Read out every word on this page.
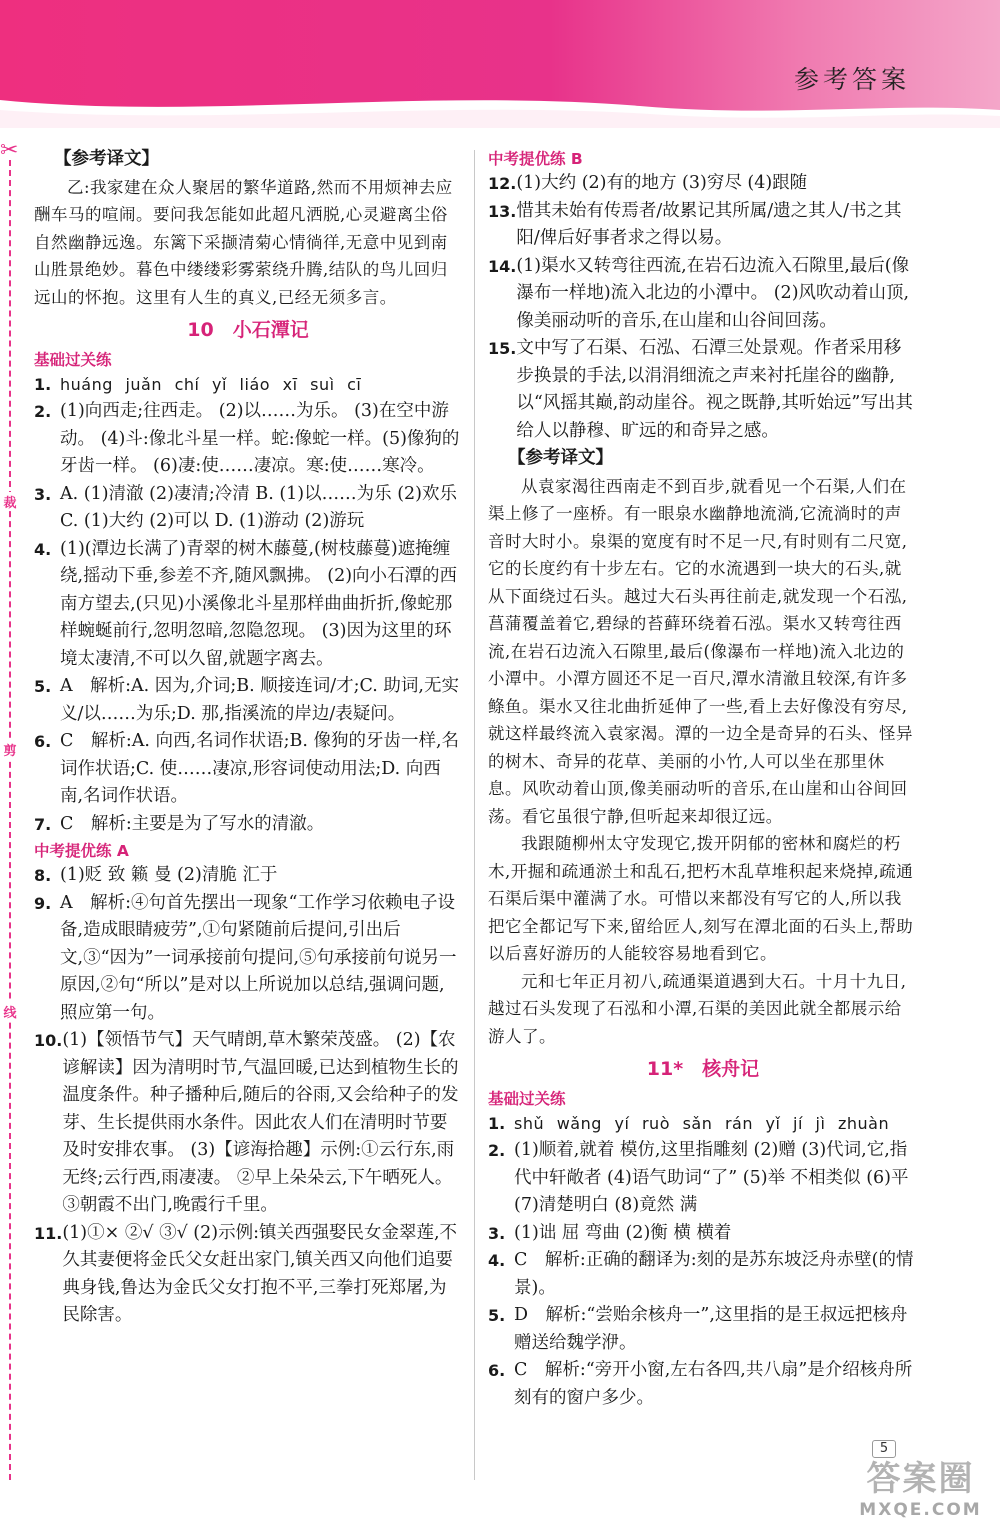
参考答案
✂
裁
剪
线

【参考译文】

乙:我家建在众人聚居的繁华道路,然而不用烦神去应酬车马的喧闹。要问我怎能如此超凡洒脱,心灵避离尘俗自然幽静远逸。东篱下采撷清菊心情徜徉,无意中见到南山胜景绝妙。暮色中缕缕彩雾萦绕升腾,结队的鸟儿回归远山的怀抱。这里有人生的真义,已经无须多言。

10　小石潭记
基础过关练
1. huáng juǎn chí yǐ liáo xī suì cī
2. (1)向西走;往西走。 (2)以……为乐。 (3)在空中游动。 (4)斗:像北斗星一样。蛇:像蛇一样。(5)像狗的牙齿一样。 (6)凄:使……凄凉。寒:使……寒冷。
3. A. (1)清澈 (2)凄清;冷清 B. (1)以……为乐 (2)欢乐 C. (1)大约 (2)可以 D. (1)游动 (2)游玩
4. (1)(潭边长满了)青翠的树木藤蔓,(树枝藤蔓)遮掩缠绕,摇动下垂,参差不齐,随风飘拂。 (2)向小石潭的西南方望去,(只见)小溪像北斗星那样曲曲折折,像蛇那样蜿蜒前行,忽明忽暗,忽隐忽现。 (3)因为这里的环境太凄清,不可以久留,就题字离去。
5. A　解析:A. 因为,介词;B. 顺接连词/才;C. 助词,无实义/以……为乐;D. 那,指溪流的岸边/表疑问。
6. C　解析:A. 向西,名词作状语;B. 像狗的牙齿一样,名词作状语;C. 使……凄凉,形容词使动用法;D. 向西南,名词作状语。
7. C　解析:主要是为了写水的清澈。
中考提优练 A
8. (1)贬 致 籁 曼 (2)清脆 汇于
9. A　解析:④句首先摆出一现象“工作学习依赖电子设备,造成眼睛疲劳”,①句紧随前后提问,引出后文,③“因为”一词承接前句提问,⑤句承接前句说另一原因,②句“所以”是对以上所说加以总结,强调问题,照应第一句。
10. (1)【领悟节气】天气晴朗,草木繁荣茂盛。 (2)【农谚解读】因为清明时节,气温回暖,已达到植物生长的温度条件。种子播种后,随后的谷雨,又会给种子的发芽、生长提供雨水条件。因此农人们在清明时节要及时安排农事。 (3)【谚海拾趣】示例:①云行东,雨无终;云行西,雨凄凄。 ②早上朵朵云,下午晒死人。 ③朝霞不出门,晚霞行千里。
11. (1)①× ②√ ③√ (2)示例:镇关西强娶民女金翠莲,不久其妻便将金氏父女赶出家门,镇关西又向他们追要典身钱,鲁达为金氏父女打抱不平,三拳打死郑屠,为民除害。
中考提优练 B
12. (1)大约 (2)有的地方 (3)穷尽 (4)跟随
13. 惜其未始有传焉者/故累记其所属/遗之其人/书之其阳/俾后好事者求之得以易。
14. (1)渠水又转弯往西流,在岩石边流入石隙里,最后(像瀑布一样地)流入北边的小潭中。 (2)风吹动着山顶,像美丽动听的音乐,在山崖和山谷间回荡。
15. 文中写了石渠、石泓、石潭三处景观。作者采用移步换景的手法,以涓涓细流之声来衬托崖谷的幽静,以“风摇其巅,韵动崖谷。视之既静,其听始远”写出其给人以静穆、旷远的和奇异之感。

【参考译文】

从袁家渴往西南走不到百步,就看见一个石渠,人们在渠上修了一座桥。有一眼泉水幽静地流淌,它流淌时的声音时大时小。泉渠的宽度有时不足一尺,有时则有二尺宽,它的长度约有十步左右。它的水流遇到一块大的石头,就从下面绕过石头。越过大石头再往前走,就发现一个石泓,菖蒲覆盖着它,碧绿的苔藓环绕着石泓。渠水又转弯往西流,在岩石边流入石隙里,最后(像瀑布一样地)流入北边的小潭中。小潭方圆还不足一百尺,潭水清澈且较深,有许多鲦鱼。渠水又往北曲折延伸了一些,看上去好像没有穷尽,就这样最终流入袁家渴。潭的一边全是奇异的石头、怪异的树木、奇异的花草、美丽的小竹,人可以坐在那里休息。风吹动着山顶,像美丽动听的音乐,在山崖和山谷间回荡。看它虽很宁静,但听起来却很辽远。

我跟随柳州太守发现它,拨开阴郁的密林和腐烂的朽木,开掘和疏通淤土和乱石,把朽木乱草堆积起来烧掉,疏通石渠后渠中灌满了水。可惜以来都没有写它的人,所以我把它全都记写下来,留给匠人,刻写在潭北面的石头上,帮助以后喜好游历的人能较容易地看到它。

元和七年正月初八,疏通渠道遇到大石。十月十九日,越过石头发现了石泓和小潭,石渠的美因此就全都展示给游人了。

11*　核舟记
基础过关练
1. shǔ wǎng yí ruò sǎn rán yǐ jí jì zhuàn
2. (1)顺着,就着 模仿,这里指雕刻 (2)赠 (3)代词,它,指代中轩敞者 (4)语气助词“了” (5)举 不相类似 (6)平 (7)清楚明白 (8)竟然 满
3. (1)诎 屈 弯曲 (2)衡 横 横着
4. C　解析:正确的翻译为:刻的是苏东坡泛舟赤壁(的情景)。
5. D　解析:“尝贻余核舟一”,这里指的是王叔远把核舟赠送给魏学洢。
6. C　解析:“旁开小窗,左右各四,共八扇”是介绍核舟所刻有的窗户多少。
5
答案圈
MXQE.COM
